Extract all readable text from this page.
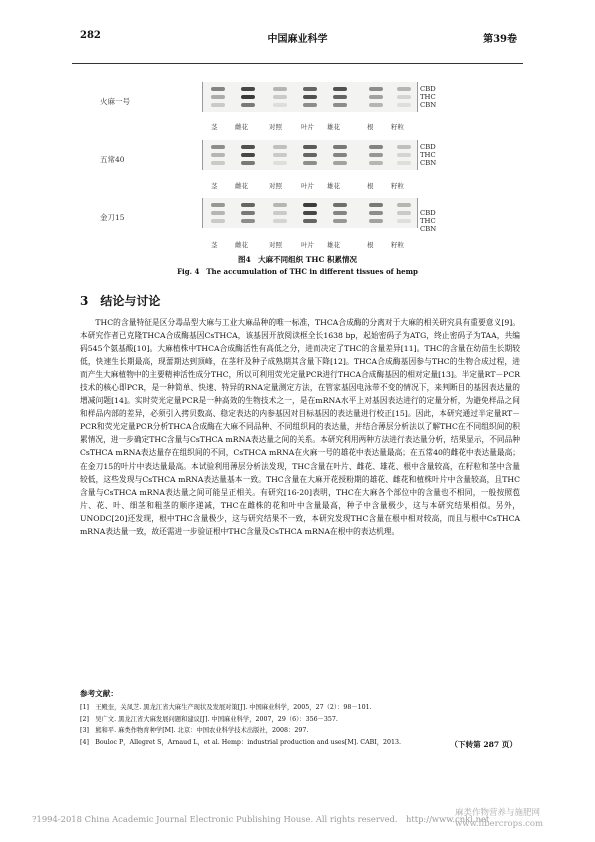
282	中国麻业科学	第39卷
火麻一号
CBD
THC
CBN
茎	雌花	对照	叶片 雄花	根	籽粒
五常40
CBD
THC
CBN
茎	雌花	对照	叶片 雄花	根	籽粒
金刀15	CBD
THC
CBN
茎	雌花	对照	叶片 雄花	根	籽粒
图4　大麻不同组织 THC 积累情况
Fig. 4　The accumulation of THC in different tissues of hemp
3 结论与讨论
THC的含量特征是区分毒品型大麻与工业大麻品种的唯一标准，THCA合成酶的分离对于大麻的相关研究具有重要意义[9]。本研究作者已克隆THCA合成酶基因CsTHCA，该基因开放阅读框全长1638 bp，起始密码子为ATG，终止密码子为TAA，共编码545个氨基酸[10]。大麻植株中THCA合成酶活性有高低之分，进而决定了THC的含量差异[11]。THC的含量在幼苗生长期较低，快速生长期最高，现蕾期达到顶峰，在茎秆及种子成熟期其含量下降[12]。THCA合成酶基因参与THC的生物合成过程，进而产生大麻植物中的主要精神活性成分THC，所以可利用荧光定量PCR进行THCA合成酶基因的相对定量[13]。半定量RT－PCR技术的核心即PCR，是一种简单、快速、特异的RNA定量测定方法，在管家基因电泳带不变的情况下，来判断目的基因表达量的增减问题[14]。实时荧光定量PCR是一种高效的生物技术之一，是在mRNA水平上对基因表达进行的定量分析，为避免样品之间和样品内部的差异，必须引入拷贝数高、稳定表达的内参基因对目标基因的表达量进行校正[15]。因此，本研究通过半定量RT－PCR和荧光定量PCR分析THCA合成酶在大麻不同品种、不同组织间的表达量，并结合薄层分析法以了解THC在不同组织间的积累情况，进一步确定THC含量与CsTHCA mRNA表达量之间的关系。本研究利用两种方法进行表达量分析，结果显示，不同品种CsTHCA mRNA表达量存在组织间的不同，CsTHCA mRNA在火麻一号的雄花中表达量最高；在五常40的雌花中表达量最高；在金刀15的叶片中表达量最高。本试验利用薄层分析法发现，THC含量在叶片、雌花、雄花、根中含量较高，在籽粒和茎中含量较低，这些发现与CsTHCA mRNA表达量基本一致。THC含量在大麻开花授粉期的雄花、雌花和植株叶片中含量较高，且THC含量与CsTHCA mRNA表达量之间可能呈正相关。有研究[16-20]表明，THC在大麻各个部位中的含量也不相同，一般按照苞片、花、叶、细茎和粗茎的顺序递减，THC在雌株的花和叶中含量最高，种子中含量极少，这与本研究结果相似。另外，UNODC[20]还发现，根中THC含量极少，这与研究结果不一致，本研究发现THC含量在根中相对较高，而且与根中CsTHCA mRNA表达量一致，故还需进一步验证根中THC含量及CsTHCA mRNA在根中的表达机理。
参考文献：
[1]　王殿奎，关凤芝. 黑龙江省大麻生产现状及发展对策[J]. 中国麻业科学，2005，27（2）：98－101.
[2]　吴广文. 黑龙江省大麻发展问题和建议[J]. 中国麻业科学，2007，29（6）：356－357.
[3]　熊和平. 麻类作物育种学[M]. 北京：中国农业科学技术出版社，2008：297.
[4]　Bouloc P，Allegret S，Arnaud L，et al. Hemp：industrial production and uses[M]. CABI，2013.	（下转第 287 页）
?1994-2018 China Academic Journal Electronic Publishing House. All rights reserved.　http://www.cnki.net
麻类作物营养与施肥网 www.fibercrops.com
